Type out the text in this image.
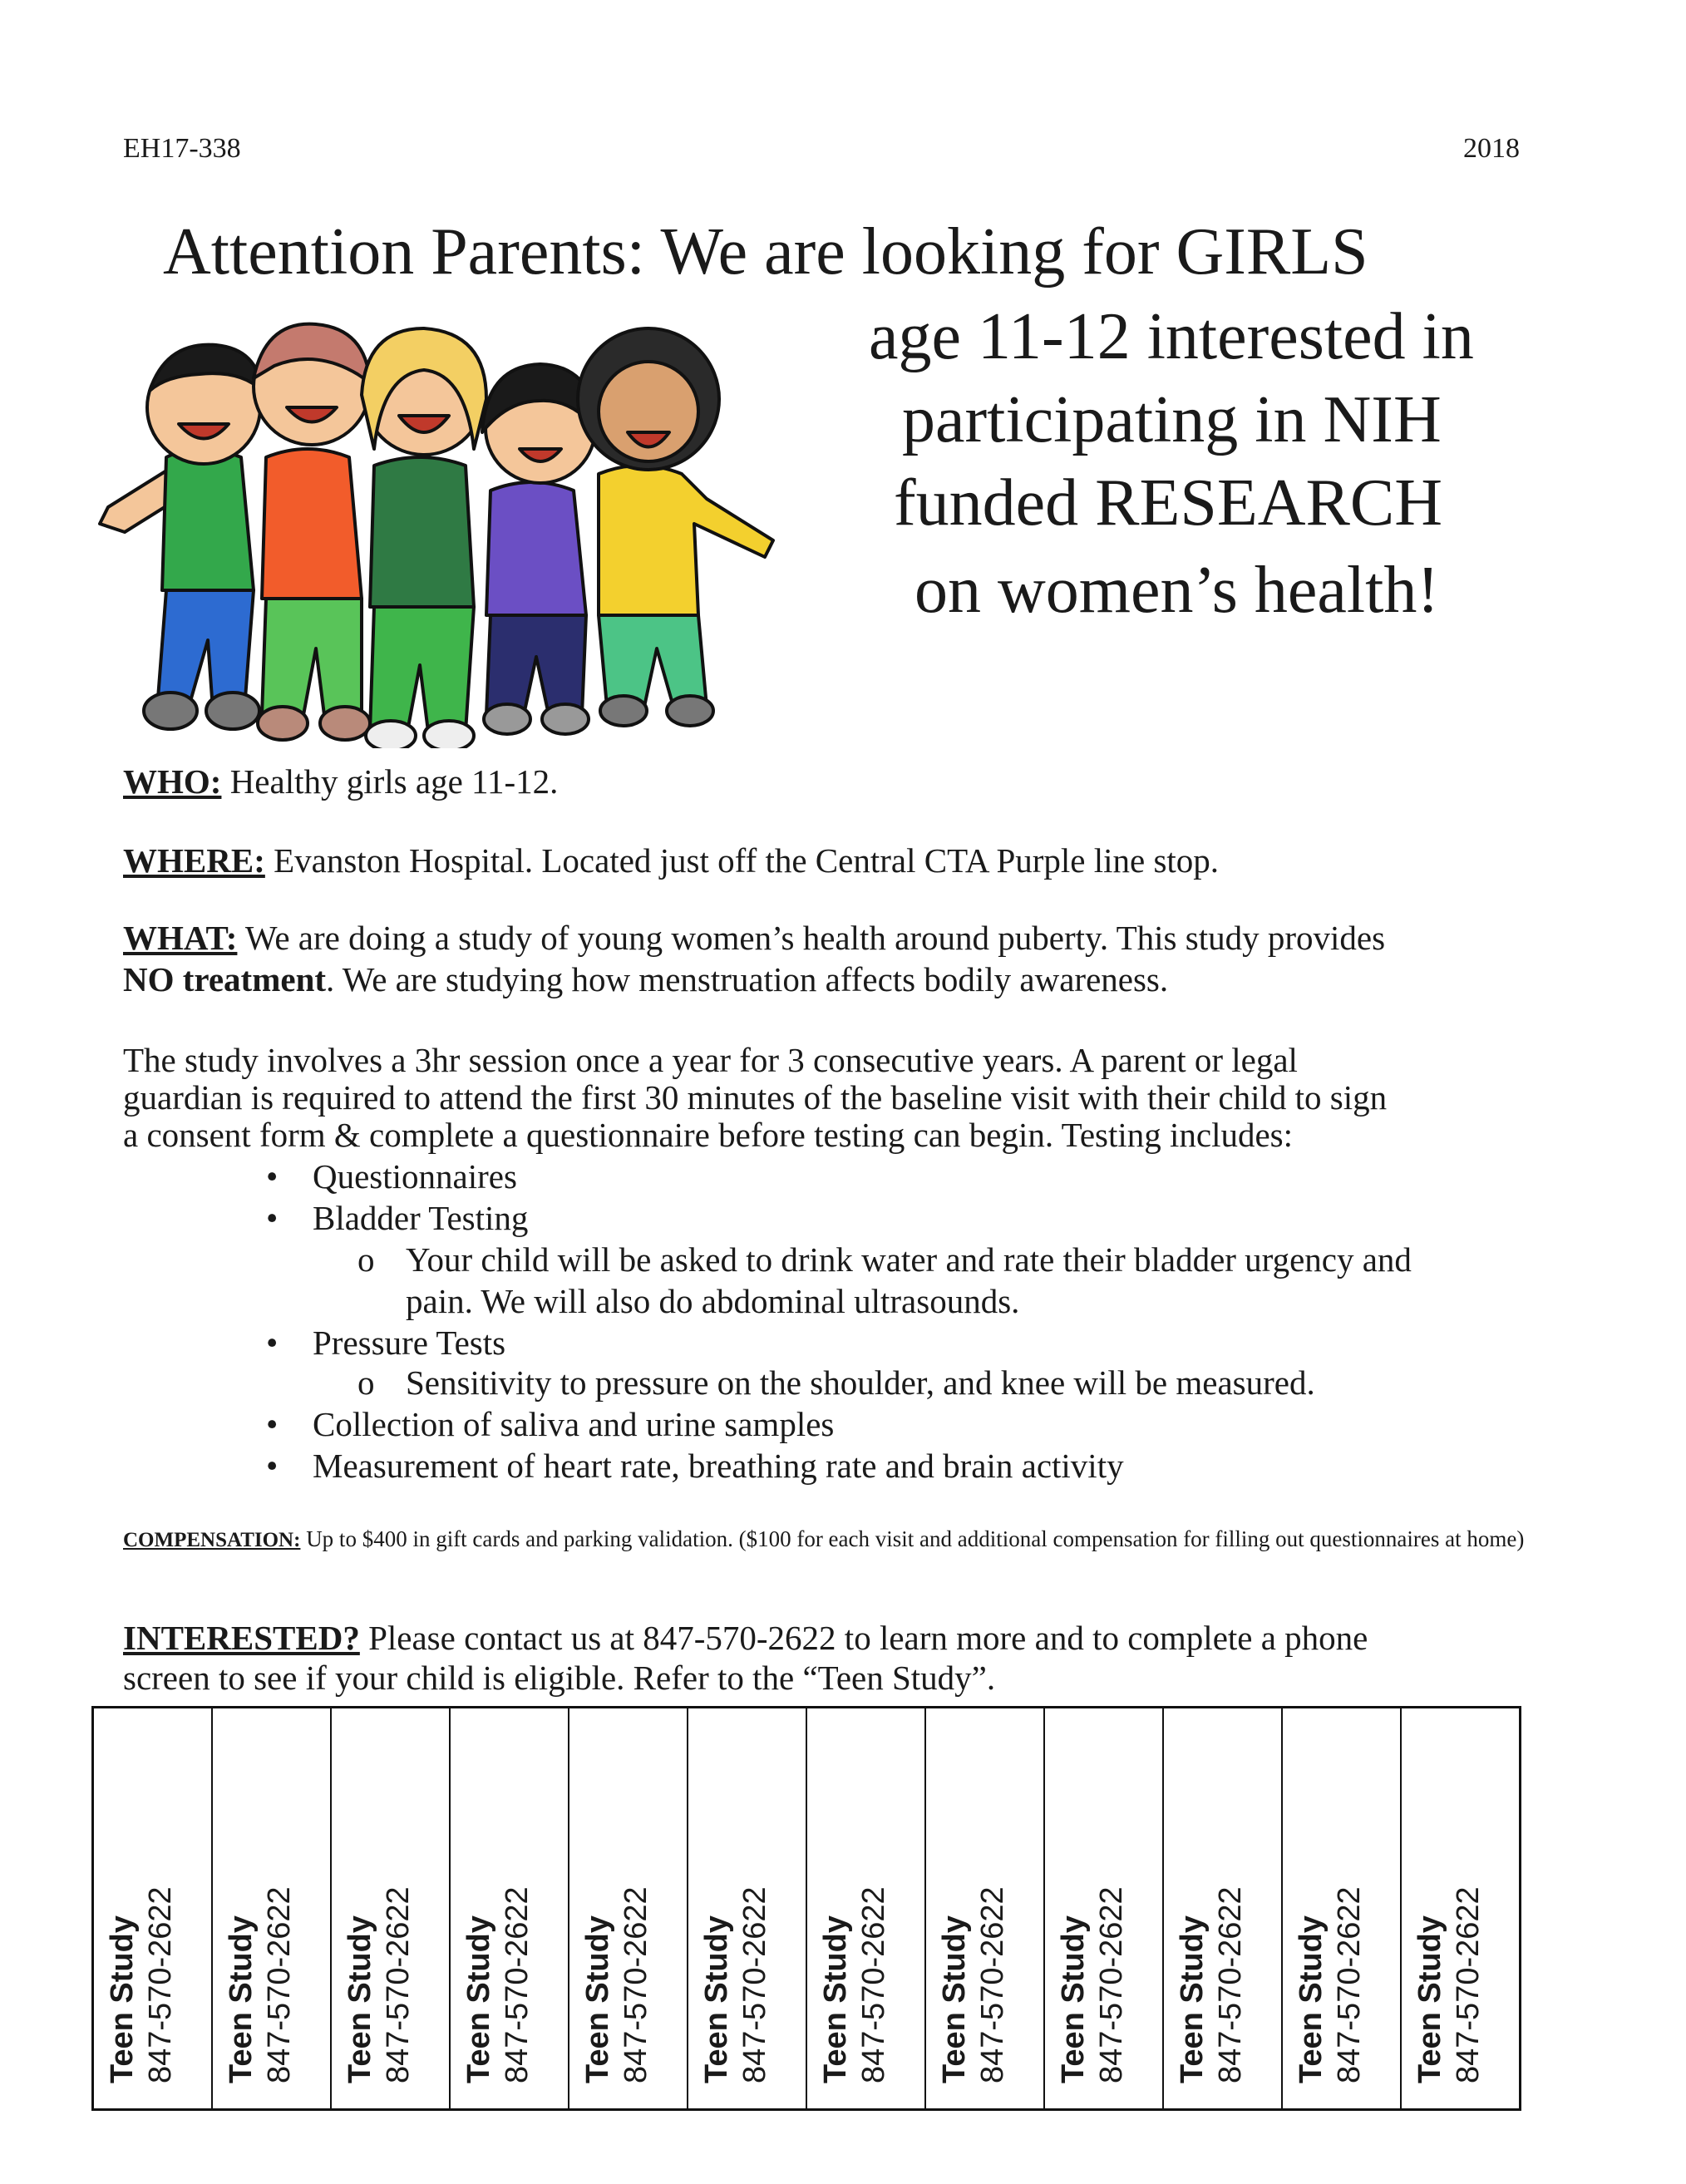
EH17-338	2018
Attention Parents: We are looking for GIRLS
age 11-12 interested in
participating in NIH
funded RESEARCH
on women’s health!
WHO: Healthy girls age 11-12.
WHERE: Evanston Hospital. Located just off the Central CTA Purple line stop.
WHAT: We are doing a study of young women’s health around puberty. This study provides
NO treatment. We are studying how menstruation affects bodily awareness.
The study involves a 3hr session once a year for 3 consecutive years. A parent or legal
guardian is required to attend the first 30 minutes of the baseline visit with their child to sign
a consent form & complete a questionnaire before testing can begin. Testing includes:
• Questionnaires
• Bladder Testing
o Your child will be asked to drink water and rate their bladder urgency and
pain. We will also do abdominal ultrasounds.
• Pressure Tests
o Sensitivity to pressure on the shoulder, and knee will be measured.
• Collection of saliva and urine samples
• Measurement of heart rate, breathing rate and brain activity
COMPENSATION: Up to $400 in gift cards and parking validation. ($100 for each visit and additional compensation for filling out questionnaires at home)
INTERESTED? Please contact us at 847-570-2622 to learn more and to complete a phone
screen to see if your child is eligible. Refer to the “Teen Study”.
Teen Study 847-570-2622 Teen Study 847-570-2622 Teen Study 847-570-2622 Teen Study 847-570-2622 Teen Study 847-570-2622 Teen Study 847-570-2622 Teen Study 847-570-2622 Teen Study 847-570-2622 Teen Study 847-570-2622 Teen Study 847-570-2622 Teen Study 847-570-2622 Teen Study 847-570-2622
